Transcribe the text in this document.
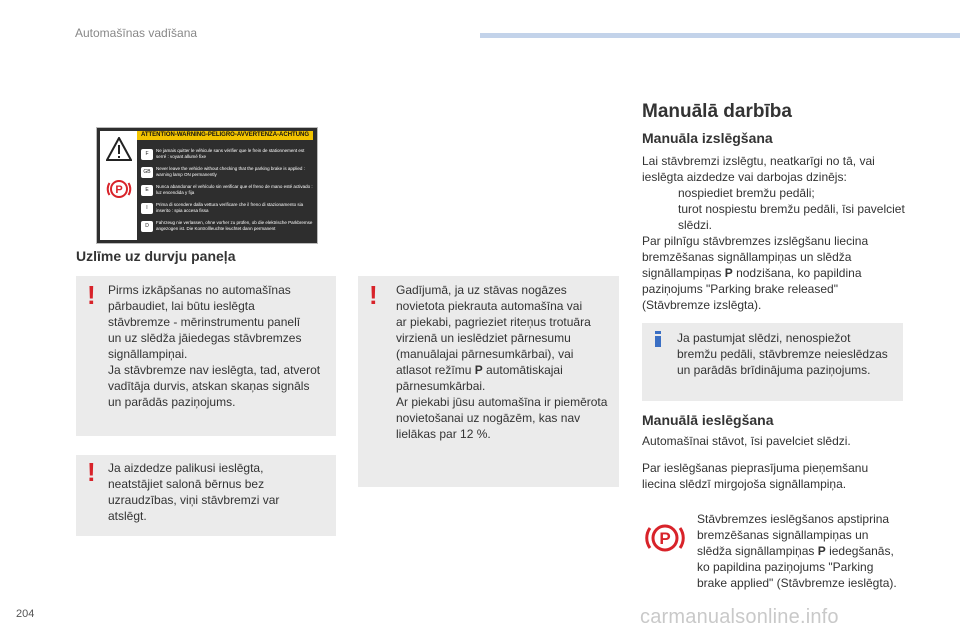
Automašīnas vadīšana
P
ATTENTION-WARNING-PELIGRO-AVVERTENZA-ACHTUNG
F
Ne jamais quitter le véhicule sans vérifier que le frein de stationnement est serré : voyant allumé fixe
GB
Never leave the vehicle without checking that the parking brake is applied : warning lamp ON permanently
E
Nunca abandonar el vehículo sin verificar que el freno de mano esté activado : luz encendida y fija
I
Prima di scendere dalla vettura verificare che il freno di stazionamento sia inserito : spia accesa fissa
D
Fahrzeug nie verlassen, ohne vorher zu prüfen, ob die elektrische Parkbremse angezogen ist. Die Kontrollleuchte leuchtet dann permanent
Uzlīme uz durvju paneļa
! Pirms izkāpšanas no automašīnas

pārbaudiet, lai būtu ieslēgta

stāvbremze - mērinstrumentu panelī

un uz slēdža jāiedegas stāvbremzes

signāllampiņai.

Ja stāvbremze nav ieslēgta, tad, atverot

vadītāja durvis, atskan skaņas signāls

un parādās paziņojums.

! Gadījumā, ja uz stāvas nogāzes

novietota piekrauta automašīna vai

ar piekabi, pagrieziet riteņus trotuāra

virzienā un ieslēdziet pārnesumu

(manuālajai pārnesumkārbai), vai

atlasot režīmu P automātiskajai

pārnesumkārbai.

Ar piekabi jūsu automašīna ir piemērota

novietošanai uz nogāzēm, kas nav

lielākas par 12 %.

! Ja aizdedze palikusi ieslēgta,

neatstājiet salonā bērnus bez

uzraudzības, viņi stāvbremzi var

atslēgt.

Manuālā darbība
Manuāla izslēgšana

Lai stāvbremzi izslēgtu, neatkarīgi no tā, vai

ieslēgta aizdedze vai darbojas dzinējs:

nospiediet bremžu pedāli;

turot nospiestu bremžu pedāli, īsi pavelciet

slēdzi.

Par pilnīgu stāvbremzes izslēgšanu liecina

bremzēšanas signāllampiņas un slēdža

signāllampiņas P nodzišana, ko papildina

paziņojums "Parking brake released"

(Stāvbremze izslēgta).

Ja pastumjat slēdzi, nenospiežot

bremžu pedāli, stāvbremze neieslēdzas

un parādās brīdinājuma paziņojums.

Manuālā ieslēgšana
Automašīnai stāvot, īsi pavelciet slēdzi.

Par ieslēgšanas pieprasījuma pieņemšanu

liecina slēdzī mirgojoša signāllampiņa.

P

Stāvbremzes ieslēgšanos apstiprina

bremzēšanas signāllampiņas un

slēdža signāllampiņas P iedegšanās,

ko papildina paziņojums "Parking

brake applied" (Stāvbremze ieslēgta).

204	carmanualsonline.info
